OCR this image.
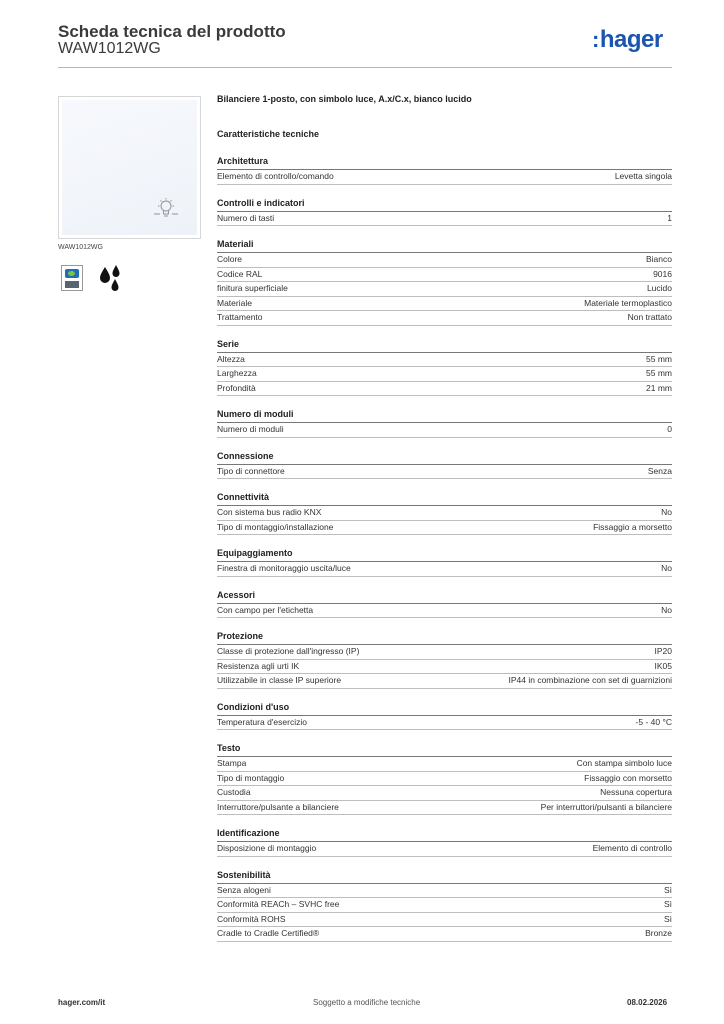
Scheda tecnica del prodotto
WAW1012WG	:hager
WAW1012WG
Bilanciere 1-posto, con simbolo luce, A.x/C.x, bianco lucido
Caratteristiche tecniche
Architettura
Elemento di controllo/comando	Levetta singola
Controlli e indicatori
Numero di tasti	1
Materiali
Colore	Bianco
Codice RAL	9016
finitura superficiale	Lucido
Materiale	Materiale termoplastico
Trattamento	Non trattato
Serie
Altezza	55 mm
Larghezza	55 mm
Profondità	21 mm
Numero di moduli
Numero di moduli	0
Connessione
Tipo di connettore	Senza
Connettività
Con sistema bus radio KNX	No
Tipo di montaggio/installazione	Fissaggio a morsetto
Equipaggiamento
Finestra di monitoraggio uscita/luce	No
Acessori
Con campo per l'etichetta	No
Protezione
Classe di protezione dall'ingresso (IP)	IP20
Resistenza agli urti IK	IK05
Utilizzabile in classe IP superiore	IP44 in combinazione con set di guarnizioni
Condizioni d'uso
Temperatura d'esercizio	-5 - 40 °C
Testo
Stampa	Con stampa simbolo luce
Tipo di montaggio	Fissaggio con morsetto
Custodia	Nessuna copertura
Interruttore/pulsante a bilanciere	Per interruttori/pulsanti a bilanciere
Identificazione
Disposizione di montaggio	Elemento di controllo
Sostenibilità
Senza alogeni	Sì
Conformità REACh – SVHC free	Sì
Conformità ROHS	Sì
Cradle to Cradle Certified®	Bronze
hager.com/it	Soggetto a modifiche tecniche	08.02.2026
